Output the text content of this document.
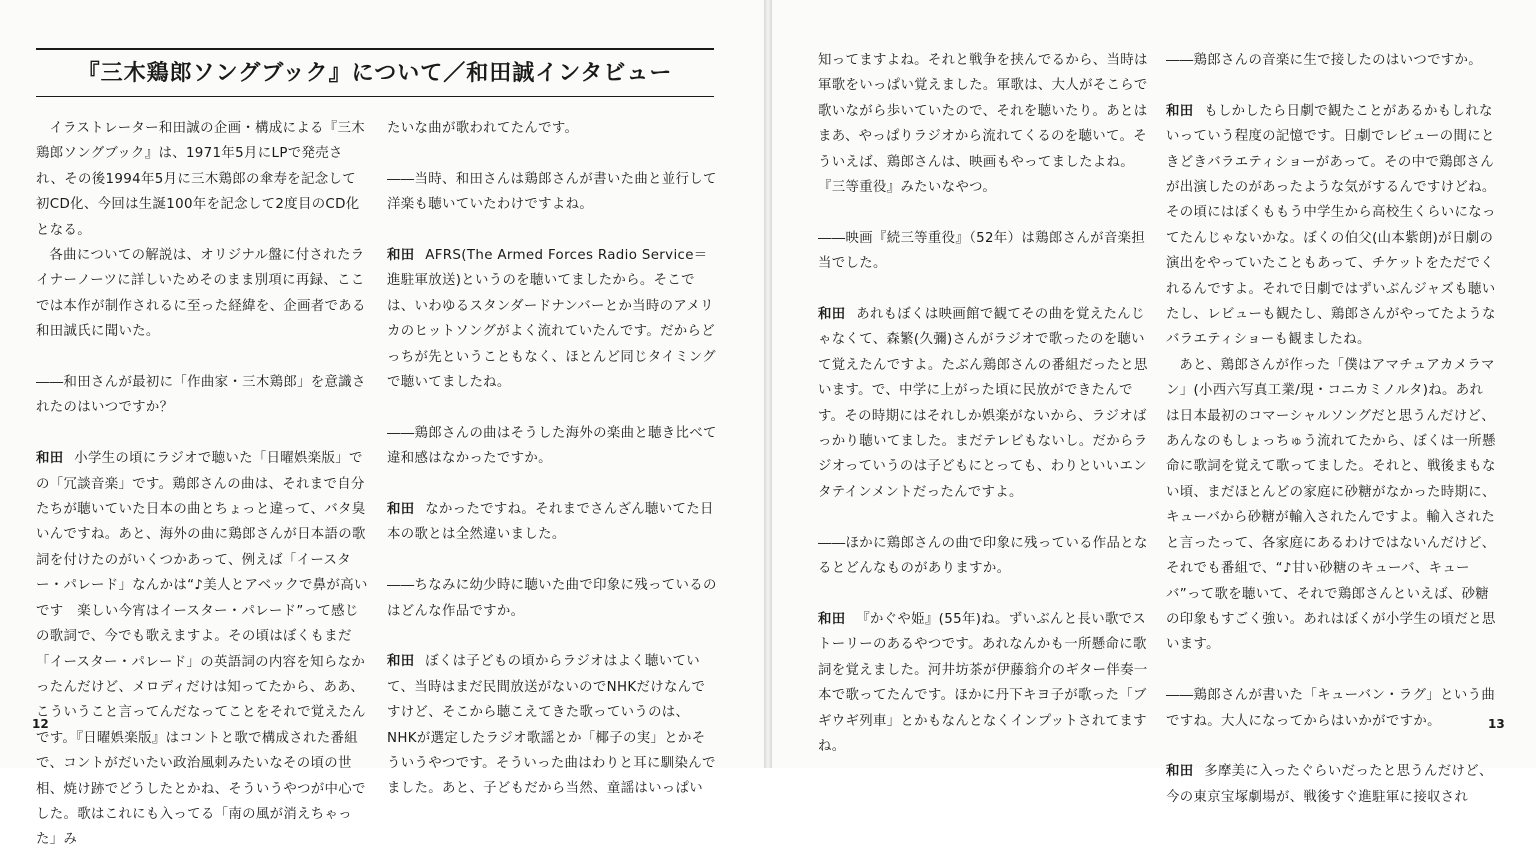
『三木鶏郎ソングブック』について／和田誠インタビュー

イラストレーター和田誠の企画・構成による『三木鶏郎ソングブック』は、1971年5月にLPで発売され、その後1994年5月に三木鶏郎の傘寿を記念して初CD化、今回は生誕100年を記念して2度目のCD化となる。

各曲についての解説は、オリジナル盤に付されたライナーノーツに詳しいためそのまま別項に再録、ここでは本作が制作されるに至った経緯を、企画者である和田誠氏に聞いた。

――和田さんが最初に「作曲家・三木鶏郎」を意識されたのはいつですか？

和田 小学生の頃にラジオで聴いた「日曜娯楽版」での「冗談音楽」です。鶏郎さんの曲は、それまで自分たちが聴いていた日本の曲とちょっと違って、バタ臭いんですね。あと、海外の曲に鶏郎さんが日本語の歌詞を付けたのがいくつかあって、例えば「イースター・パレード」なんかは“♪美人とアベックで鼻が高いです　楽しい今宵はイースター・パレード”って感じの歌詞で、今でも歌えますよ。その頃はぼくもまだ「イースター・パレード」の英語詞の内容を知らなかったんだけど、メロディだけは知ってたから、ああ、こういうこと言ってんだなってことをそれで覚えたんです。『日曜娯楽版』はコントと歌で構成された番組で、コントがだいたい政治風刺みたいなその頃の世相、焼け跡でどうしたとかね、そういうやつが中心でした。歌はこれにも入ってる「南の風が消えちゃった」み

たいな曲が歌われてたんです。

――当時、和田さんは鶏郎さんが書いた曲と並行して洋楽も聴いていたわけですよね。

和田 AFRS(The Armed Forces Radio Service＝進駐軍放送)というのを聴いてましたから。そこでは、いわゆるスタンダードナンバーとか当時のアメリカのヒットソングがよく流れていたんです。だからどっちが先ということもなく、ほとんど同じタイミングで聴いてましたね。

――鶏郎さんの曲はそうした海外の楽曲と聴き比べて違和感はなかったですか。

和田 なかったですね。それまでさんざん聴いてた日本の歌とは全然違いました。

――ちなみに幼少時に聴いた曲で印象に残っているのはどんな作品ですか。

和田 ぼくは子どもの頃からラジオはよく聴いていて、当時はまだ民間放送がないのでNHKだけなんですけど、そこから聴こえてきた歌っていうのは、NHKが選定したラジオ歌謡とか「椰子の実」とかそういうやつです。そういった曲はわりと耳に馴染んでました。あと、子どもだから当然、童謡はいっぱい

12

知ってますよね。それと戦争を挟んでるから、当時は軍歌をいっぱい覚えました。軍歌は、大人がそこらで歌いながら歩いていたので、それを聴いたり。あとはまあ、やっぱりラジオから流れてくるのを聴いて。そういえば、鶏郎さんは、映画もやってましたよね。『三等重役』みたいなやつ。

――映画『続三等重役』（52年）は鶏郎さんが音楽担当でした。

和田 あれもぼくは映画館で観てその曲を覚えたんじゃなくて、森繁(久彌)さんがラジオで歌ったのを聴いて覚えたんですよ。たぶん鶏郎さんの番組だったと思います。で、中学に上がった頃に民放ができたんです。その時期にはそれしか娯楽がないから、ラジオばっかり聴いてました。まだテレビもないし。だからラジオっていうのは子どもにとっても、わりといいエンタテインメントだったんですよ。

――ほかに鶏郎さんの曲で印象に残っている作品となるとどんなものがありますか。

和田 『かぐや姫』(55年)ね。ずいぶんと長い歌でストーリーのあるやつです。あれなんかも一所懸命に歌詞を覚えました。河井坊茶が伊藤翁介のギター伴奏一本で歌ってたんです。ほかに丹下キヨ子が歌った「ブギウギ列車」とかもなんとなくインプットされてますね。

――鶏郎さんの音楽に生で接したのはいつですか。

和田 もしかしたら日劇で観たことがあるかもしれないっていう程度の記憶です。日劇でレビューの間にときどきバラエティショーがあって。その中で鶏郎さんが出演したのがあったような気がするんですけどね。その頃にはぼくももう中学生から高校生くらいになってたんじゃないかな。ぼくの伯父(山本紫朗)が日劇の演出をやっていたこともあって、チケットをただでくれるんですよ。それで日劇ではずいぶんジャズも聴いたし、レビューも観たし、鶏郎さんがやってたようなバラエティショーも観ましたね。

あと、鶏郎さんが作った「僕はアマチュアカメラマン」(小西六写真工業/現・コニカミノルタ)ね。あれは日本最初のコマーシャルソングだと思うんだけど、あんなのもしょっちゅう流れてたから、ぼくは一所懸命に歌詞を覚えて歌ってました。それと、戦後まもない頃、まだほとんどの家庭に砂糖がなかった時期に、キューバから砂糖が輸入されたんですよ。輸入されたと言ったって、各家庭にあるわけではないんだけど、それでも番組で、“♪甘い砂糖のキューバ、キューバ”って歌を聴いて、それで鶏郎さんといえば、砂糖の印象もすごく強い。あれはぼくが小学生の頃だと思います。

――鶏郎さんが書いた「キューバン・ラグ」という曲ですね。大人になってからはいかがですか。

和田 多摩美に入ったぐらいだったと思うんだけど、今の東京宝塚劇場が、戦後すぐ進駐軍に接収され

13
